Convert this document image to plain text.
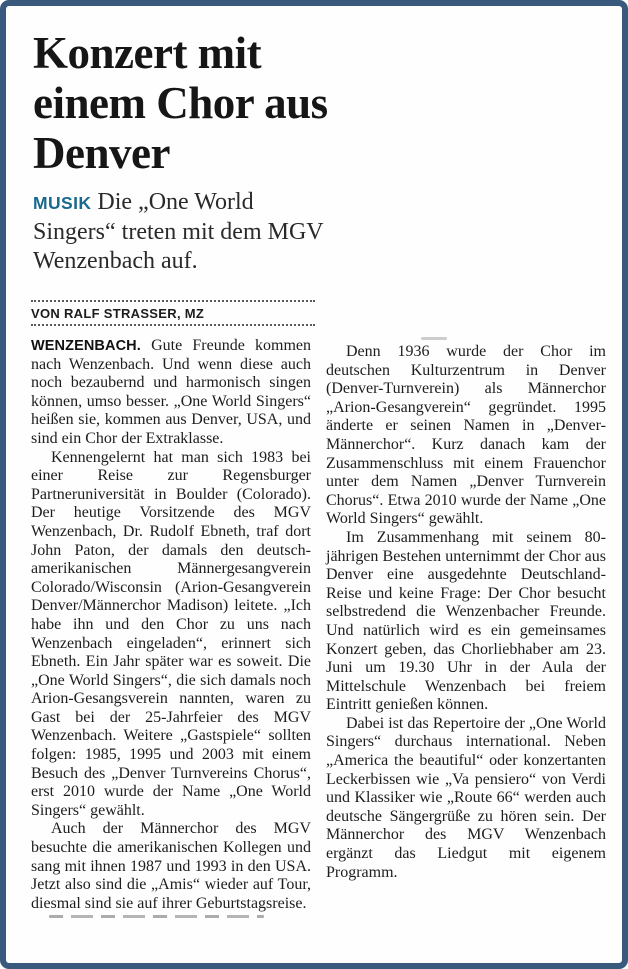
Konzert mit einem Chor aus Denver

MUSIK Die „One World Singers“ treten mit dem MGV Wenzenbach auf.

VON RALF STRASSER, MZ

WENZENBACH. Gute Freunde kommen nach Wenzenbach. Und wenn diese auch noch bezaubernd und harmonisch singen können, umso besser. „One World Singers“ heißen sie, kommen aus Denver, USA, und sind ein Chor der Extraklasse.

Kennengelernt hat man sich 1983 bei einer Reise zur Regensburger Partneruniversität in Boulder (Colorado). Der heutige Vorsitzende des MGV Wenzenbach, Dr. Rudolf Ebneth, traf dort John Paton, der damals den deutsch-amerikanischen Männergesangverein Colorado/Wisconsin (Arion-Gesangverein Denver/Männerchor Madison) leitete. „Ich habe ihn und den Chor zu uns nach Wenzenbach eingeladen“, erinnert sich Ebneth. Ein Jahr später war es soweit. Die „One World Singers“, die sich damals noch Arion-Gesangsverein nannten, waren zu Gast bei der 25-Jahrfeier des MGV Wenzenbach. Weitere „Gastspiele“ sollten folgen: 1985, 1995 und 2003 mit einem Besuch des „Denver Turnvereins Chorus“, erst 2010 wurde der Name „One World Singers“ gewählt.

Auch der Männerchor des MGV besuchte die amerikanischen Kollegen und sang mit ihnen 1987 und 1993 in den USA. Jetzt also sind die „Amis“ wieder auf Tour, diesmal sind sie auf ihrer Geburtstagsreise.

Denn 1936 wurde der Chor im deutschen Kulturzentrum in Denver (Denver-Turnverein) als Männerchor „Arion-Gesangverein“ gegründet. 1995 änderte er seinen Namen in „Denver-Männerchor“. Kurz danach kam der Zusammenschluss mit einem Frauenchor unter dem Namen „Denver Turnverein Chorus“. Etwa 2010 wurde der Name „One World Singers“ gewählt.

Im Zusammenhang mit seinem 80-jährigen Bestehen unternimmt der Chor aus Denver eine ausgedehnte Deutschland-Reise und keine Frage: Der Chor besucht selbstredend die Wenzenbacher Freunde. Und natürlich wird es ein gemeinsames Konzert geben, das Chorliebhaber am 23. Juni um 19.30 Uhr in der Aula der Mittelschule Wenzenbach bei freiem Eintritt genießen können.

Dabei ist das Repertoire der „One World Singers“ durchaus international. Neben „America the beautiful“ oder konzertanten Leckerbissen wie „Va pensiero“ von Verdi und Klassiker wie „Route 66“ werden auch deutsche Sängergrüße zu hören sein. Der Männerchor des MGV Wenzenbach ergänzt das Liedgut mit eigenem Programm.
